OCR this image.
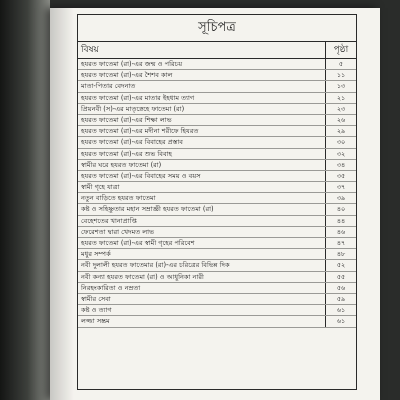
সূচিপত্র
বিষয়	পৃষ্ঠা
হযরত ফাতেমা (রা)-এর জন্ম ও পরিচয়	৫
হযরত ফাতেমা (রা)-এর শৈশব কাল	১১
মাতা-পিতার বেদনাত	১৩
হযরত ফাতেমা (রা)-এর মাতার ইহধাম ত্যাগ	২১
প্রিয়নবী (স)-এর মাতৃস্নেহে ফাতেমা (রা)	২৩
হযরত ফাতেমা (রা)-এর শিক্ষা লাভ	২৬
হযরত ফাতেমা (রা)-এর মদীনা শরীফে হিযরত	২৯
হযরত ফাতেমা (রা)-এর বিবাহের প্রস্তাব	৩০
হযরত ফাতেমা (রা)-এর শুভ বিবাহ	৩২
স্বামীর ঘরে হযরত ফাতেমা (রা)	৩৪
হযরত ফাতেমা (রা)-এর বিবাহের সময় ও বয়স	৩৫
স্বামী গৃহে যাত্রা	৩৭
নতুন বাড়িতে হযরত ফাতেমা	৩৯
কষ্ট ও সহিষ্ণুতার মহান সম্রাজ্ঞী হযরত ফাতেমা (রা)	৪০
বেহেশতের খানাপ্রাপ্তি	৪৪
ফেরেশতা দ্বারা খেদমত লাভ	৪৬
হযরত ফাতেমা (রা)-এর স্বামী গৃহের পরিবেশ	৪৭
মধুর সম্পর্ক	৪৮
নবী দুলালী হযরত ফাতেমার (রা)-এর চরিত্রের বিভিন্ন দিক	৫২
নবী কন্যা হযরত ফাতেমা (রা) ও আধুনিকা নারী	৫৫
নিরহংকারিতা ও নম্রতা	৫৬
স্বামীর সেবা	৫৯
কষ্ট ও ত্যাগ	৬১
লজ্জা সম্ভ্রম	৬১
